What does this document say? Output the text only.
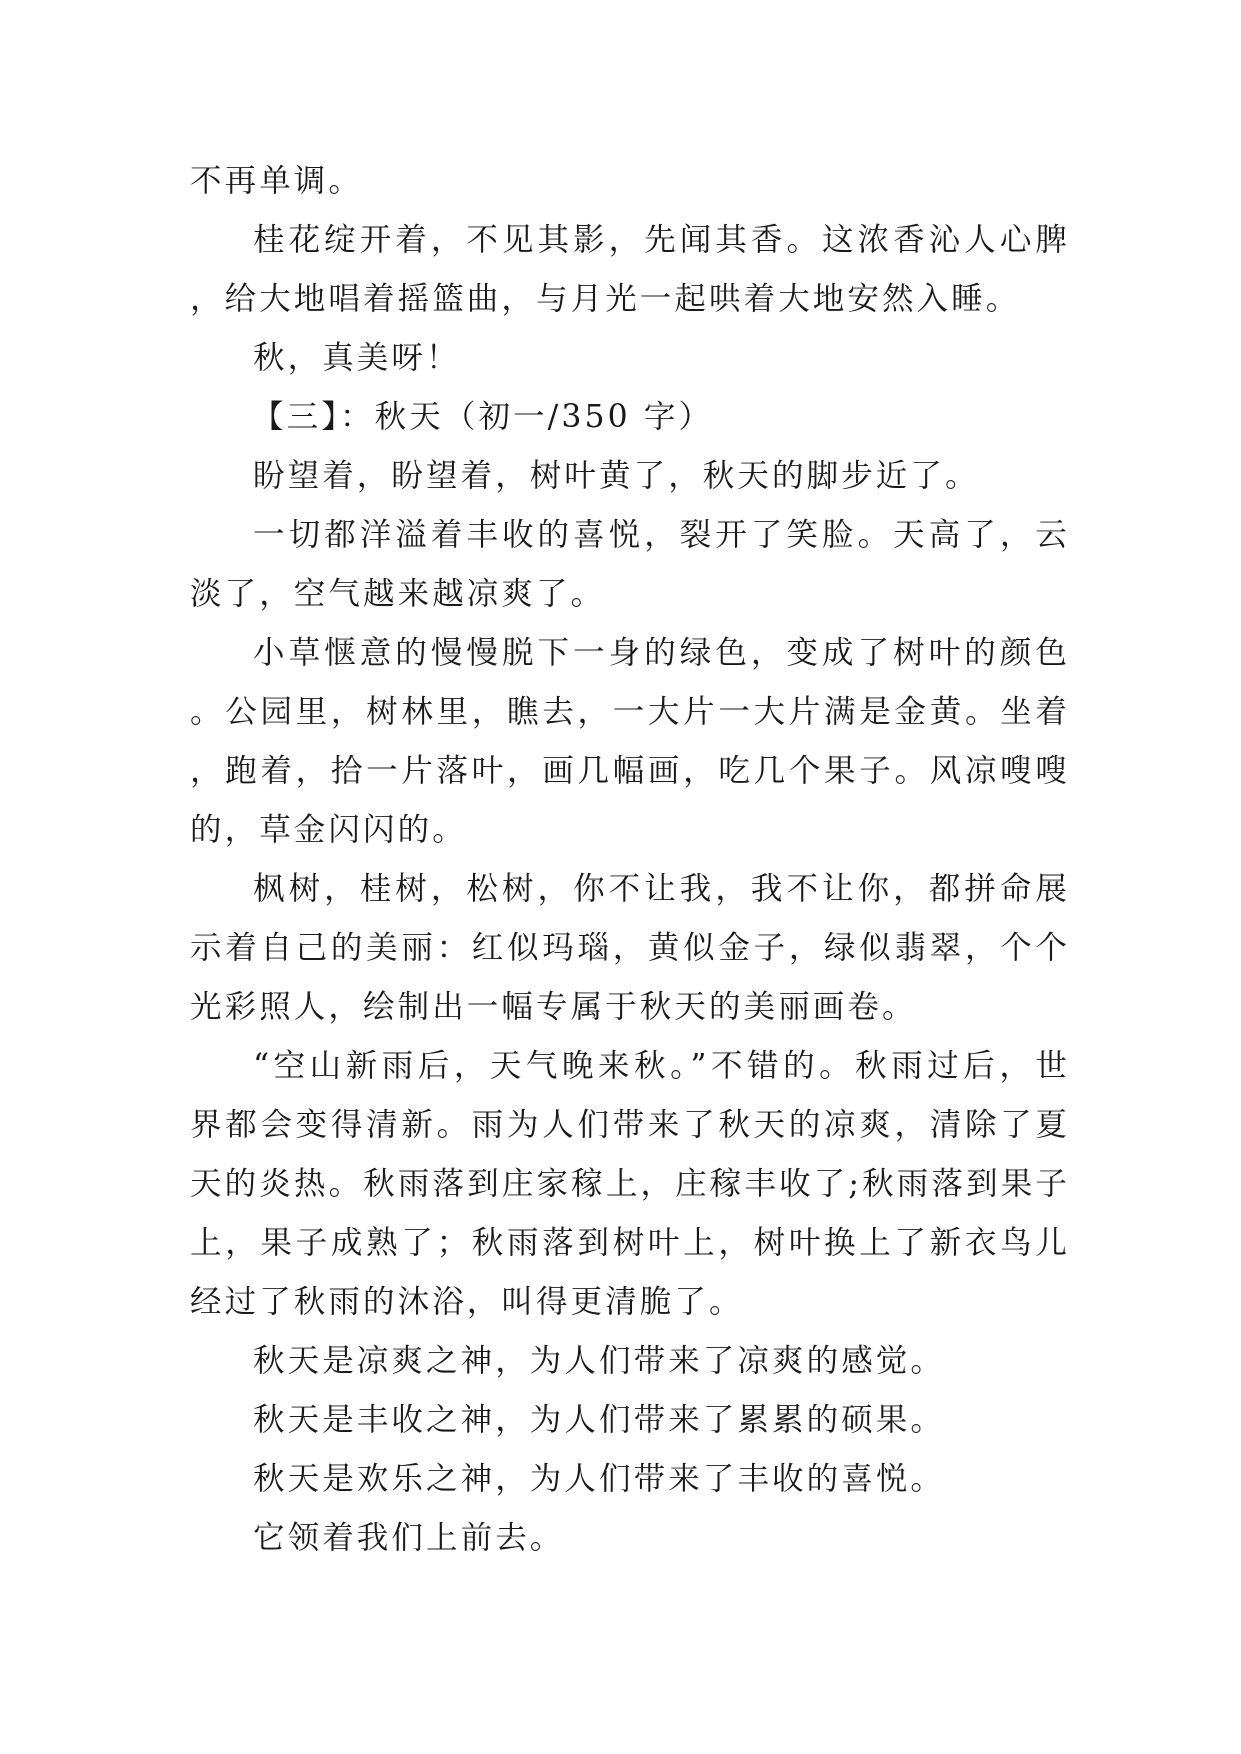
不再单调。

桂花绽开着，不见其影，先闻其香。这浓香沁人心脾，给大地唱着摇篮曲，与月光一起哄着大地安然入睡。

秋，真美呀！

【三】：秋天（初一/350 字）

盼望着，盼望着，树叶黄了，秋天的脚步近了。

一切都洋溢着丰收的喜悦，裂开了笑脸。天高了，云淡了，空气越来越凉爽了。

小草惬意的慢慢脱下一身的绿色，变成了树叶的颜色。公园里，树林里，瞧去，一大片一大片满是金黄。坐着，跑着，拾一片落叶，画几幅画，吃几个果子。风凉嗖嗖的，草金闪闪的。

枫树，桂树，松树，你不让我，我不让你，都拼命展示着自己的美丽：红似玛瑙，黄似金子，绿似翡翠，个个光彩照人，绘制出一幅专属于秋天的美丽画卷。

“空山新雨后，天气晚来秋。”不错的。秋雨过后，世界都会变得清新。雨为人们带来了秋天的凉爽，清除了夏天的炎热。秋雨落到庄家稼上，庄稼丰收了;秋雨落到果子上，果子成熟了；秋雨落到树叶上，树叶换上了新衣鸟儿经过了秋雨的沐浴，叫得更清脆了。

秋天是凉爽之神，为人们带来了凉爽的感觉。

秋天是丰收之神，为人们带来了累累的硕果。

秋天是欢乐之神，为人们带来了丰收的喜悦。

它领着我们上前去。
